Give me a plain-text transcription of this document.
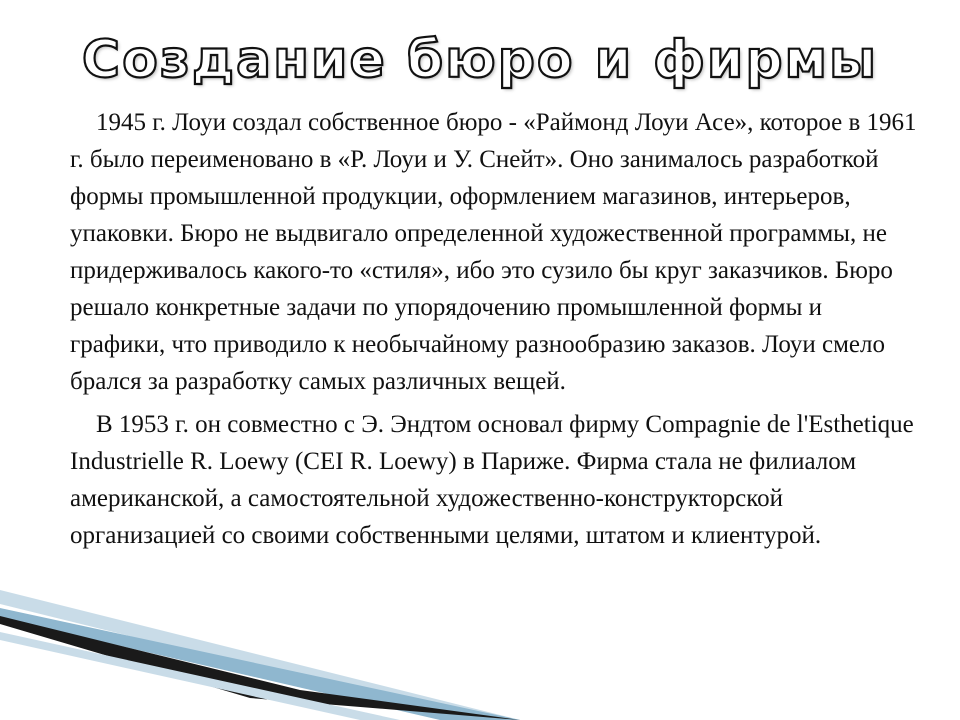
Создание бюро и фирмы

1945 г. Лоуи создал собственное бюро - «Раймонд Лоуи Асе», которое в 1961 г. было переименовано в «Р. Лоуи и У. Снейт». Оно занималось разработкой формы промышленной продукции, оформлением магазинов, интерьеров, упаковки. Бюро не выдвигало определенной художественной программы, не придерживалось какого-то «стиля», ибо это сузило бы круг заказчиков. Бюро решало конкретные задачи по упорядочению промышленной формы и графики, что приводило к необычайному разнообразию заказов. Лоуи смело брался за разработку самых различных вещей.

В 1953 г. он совместно с Э. Эндтом основал фирму Compagnie de l'Esthetique Industrielle R. Loewy (CEI R. Loewy) в Париже. Фирма стала не филиалом американской, а самостоятельной художественно-конструкторской организацией со своими собственными целями, штатом и клиентурой.
